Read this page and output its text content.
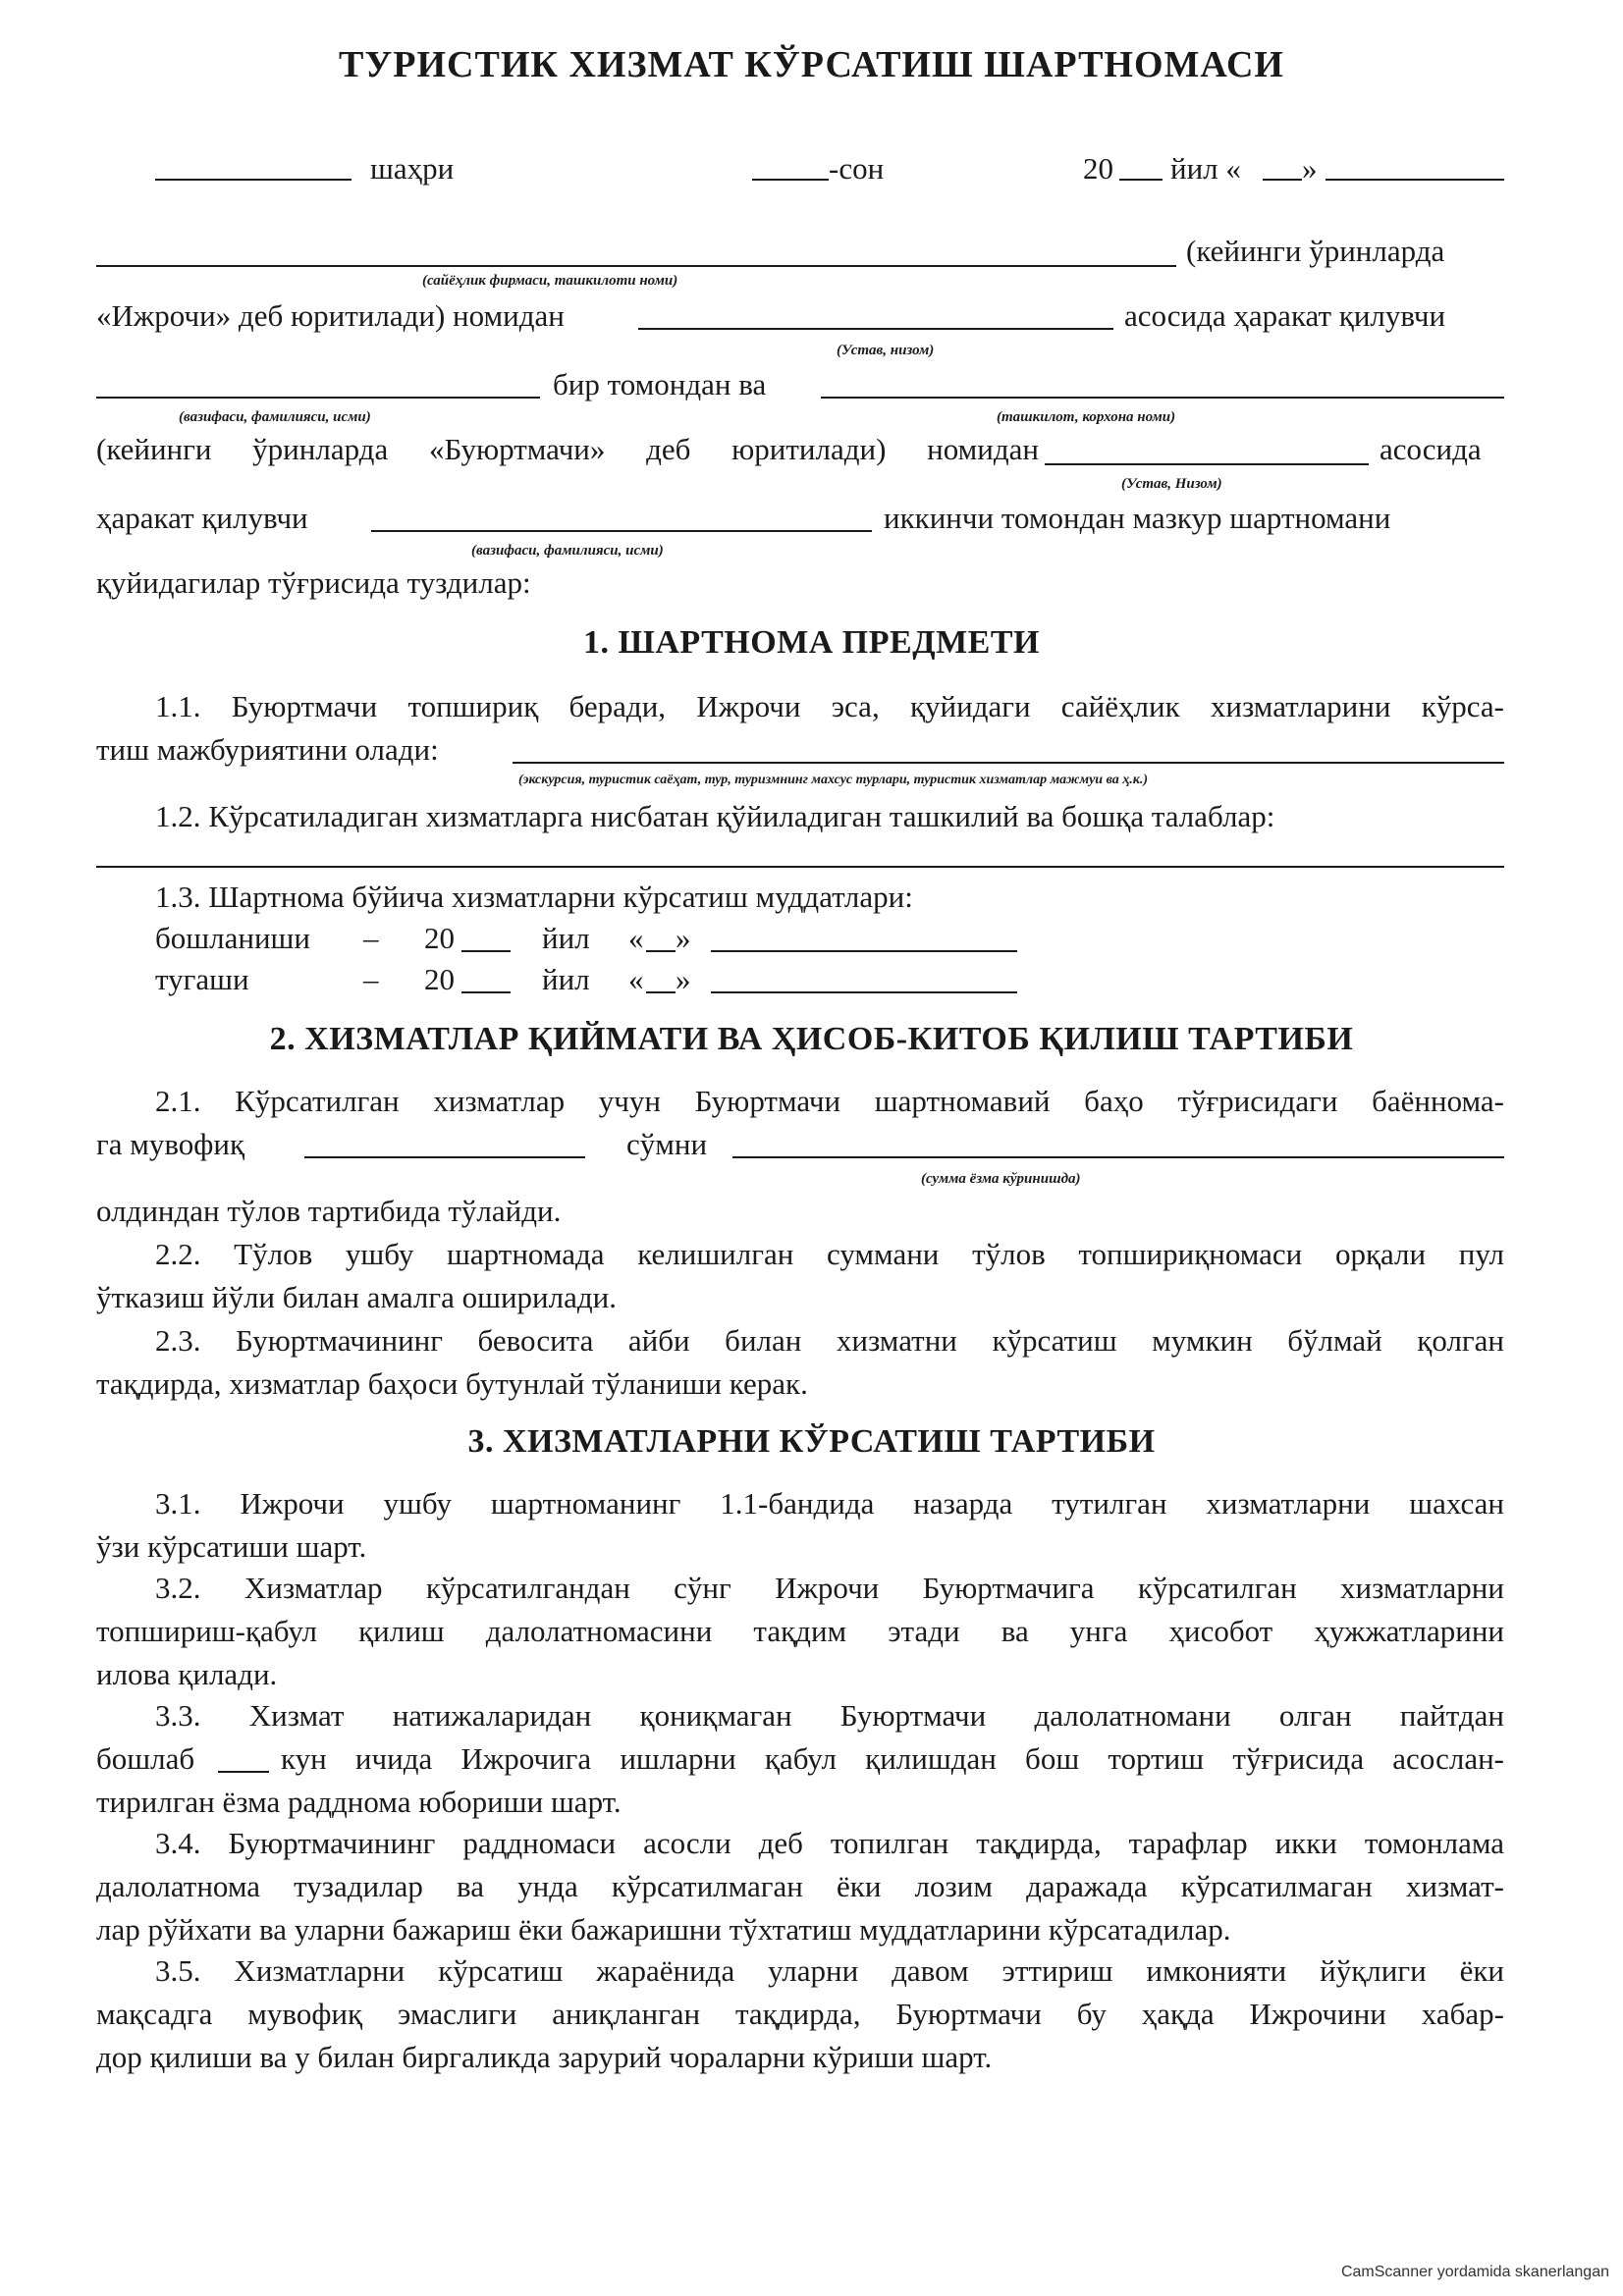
ТУРИСТИК ХИЗМАТ КЎРСАТИШ ШАРТНОМАСИ
шаҳри	-сон	20 йил « »
(кейинги ўринларда
(сайёҳлик фирмаси, ташкилоти номи)
«Ижрочи» деб юритилади) номидан	асосида ҳаракат қилувчи
(Устав, низом)
бир томондан ва
(вазифаси, фамилияси, исми)	(ташкилот, корхона номи)
(кейинги ўринларда «Буюртмачи» деб юритилади) номидан	асосида
(Устав, Низом)
ҳаракат қилувчи	иккинчи томондан мазкур шартномани
(вазифаси, фамилияси, исми)
қуйидагилар тўғрисида туздилар:
1. ШАРТНОМА ПРЕДМЕТИ
1.1. Буюртмачи топшириқ беради, Ижрочи эса, қуйидаги сайёҳлик хизматларини кўрса-
тиш мажбуриятини олади:
(экскурсия, туристик саёҳат, тур, туризмнинг махсус турлари, туристик хизматлар мажмуи ва ҳ.к.)
1.2. Кўрсатиладиган хизматларга нисбатан қўйиладиган ташкилий ва бошқа талаблар:
1.3. Шартнома бўйича хизматларни кўрсатиш муддатлари:
бошланиши – 20	йил « »
тугаши	– 20	йил « »
2. ХИЗМАТЛАР ҚИЙМАТИ ВА ҲИСОБ-КИТОБ ҚИЛИШ ТАРТИБИ
2.1. Кўрсатилган хизматлар учун Буюртмачи шартномавий баҳо тўғрисидаги баённома-
га мувофиқ	сўмни
(сумма ёзма кўринишда)
олдиндан тўлов тартибида тўлайди.
2.2. Тўлов ушбу шартномада келишилган суммани тўлов топшириқномаси орқали пул
ўтказиш йўли билан амалга оширилади.
2.3. Буюртмачининг бевосита айби билан хизматни кўрсатиш мумкин бўлмай қолган
тақдирда, хизматлар баҳоси бутунлай тўланиши керак.
3. ХИЗМАТЛАРНИ КЎРСАТИШ ТАРТИБИ
3.1. Ижрочи ушбу шартноманинг 1.1-бандида назарда тутилган хизматларни шахсан
ўзи кўрсатиши шарт.
3.2. Хизматлар кўрсатилгандан сўнг Ижрочи Буюртмачига кўрсатилган хизматларни
топшириш-қабул қилиш далолатномасини тақдим этади ва унга ҳисобот ҳужжатларини
илова қилади.
3.3. Хизмат натижаларидан қониқмаган Буюртмачи далолатномани олган пайтдан
бошлаб	кун ичида Ижрочига ишларни қабул қилишдан бош тортиш тўғрисида асослан-
тирилган ёзма радднома юбориши шарт.
3.4. Буюртмачининг раддномаси асосли деб топилган тақдирда, тарафлар икки томонлама
далолатнома тузадилар ва унда кўрсатилмаган ёки лозим даражада кўрсатилмаган хизмат-
лар рўйхати ва уларни бажариш ёки бажаришни тўхтатиш муддатларини кўрсатадилар.
3.5. Хизматларни кўрсатиш жараёнида уларни давом эттириш имконияти йўқлиги ёки
мақсадга мувофиқ эмаслиги аниқланган тақдирда, Буюртмачи бу ҳақда Ижрочини хабар-
дор қилиши ва у билан биргаликда зарурий чораларни кўриши шарт.
CamScanner yordamida skanerlangan
